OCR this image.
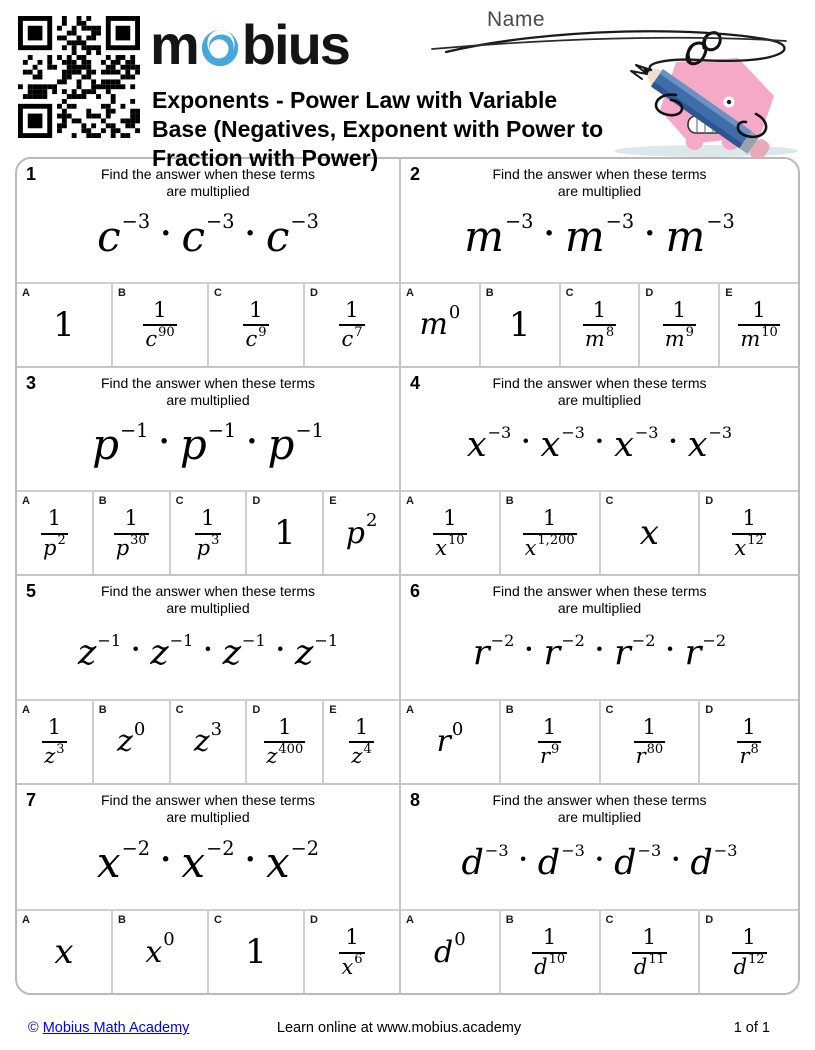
m bius
Exponents - Power Law with Variable
Base (Negatives, Exponent with Power to
Fraction with Power)
Name
1	Find the answer when these terms
are multiplied
c −3 · c −3 · c −3
A
1
B
$\frac{1}{c 90}$
C
$\frac{1}{c 9}$
D
$\frac{1}{c 7}$
2	Find the answer when these terms
are multiplied
m −3 · m −3 · m −3
A
m 0
B
1
C
$\frac{1}{m 8}$
D
$\frac{1}{m 9}$
E
$\frac{1}{m 10}$
3	Find the answer when these terms
are multiplied
p −1 · p −1 · p −1
A
$\frac{1}{p 2}$
B
$\frac{1}{p 30}$
C
$\frac{1}{p 3}$
D
1
E
p 2
4	Find the answer when these terms
are multiplied
x −3 · x −3 · x −3 · x −3
A
$\frac{1}{x 10}$
B
$\frac{1}{x 1,200}$
C
x
D
$\frac{1}{x 12}$
5	Find the answer when these terms
are multiplied
z −1 · z −1 · z −1 · z −1
A
$\frac{1}{z 3}$
B
z 0
C
z 3
D
$\frac{1}{z 400}$
E
$\frac{1}{z 4}$
6	Find the answer when these terms
are multiplied
r −2 · r −2 · r −2 · r −2
A
r 0
B
$\frac{1}{r 9}$
C
$\frac{1}{r 80}$
D
$\frac{1}{r 8}$
7	Find the answer when these terms
are multiplied
x −2 · x −2 · x −2
A
x
B
x 0
C
1
D
$\frac{1}{x 6}$
8	Find the answer when these terms
are multiplied
d −3 · d −3 · d −3 · d −3
A
d 0
B
$\frac{1}{d 10}$
C
$\frac{1}{d 11}$
D
$\frac{1}{d 12}$
© Mobius Math Academy	Learn online at www.mobius.academy	1 of 1
